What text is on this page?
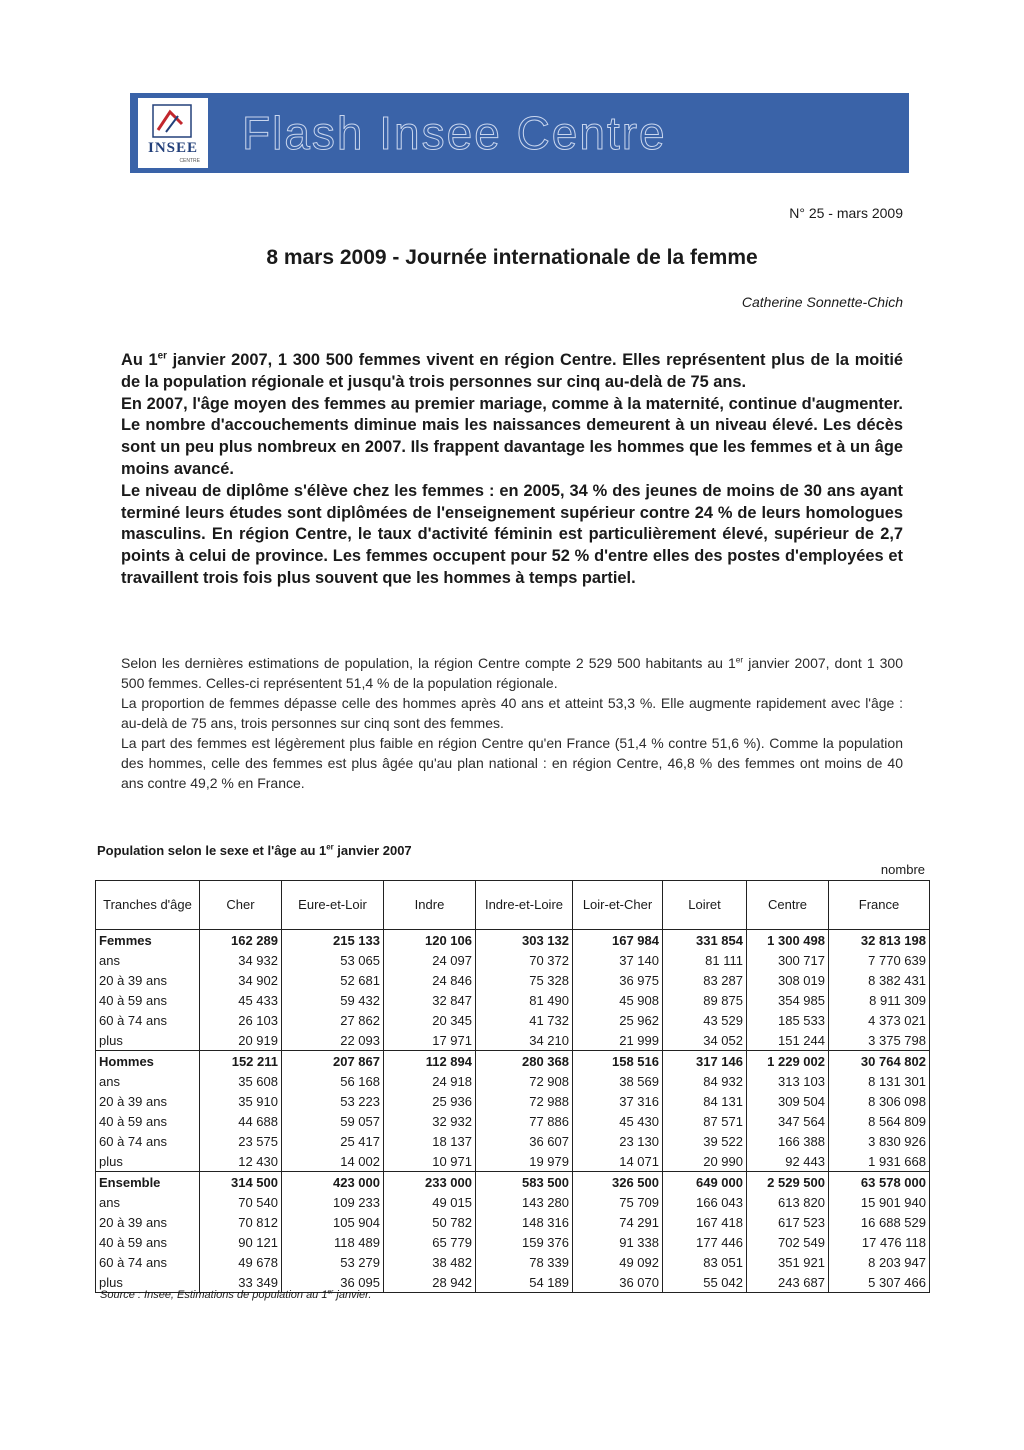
INSEE
CENTRE
Flash Insee Centre
N° 25 - mars 2009
8 mars 2009 - Journée internationale de la femme
Catherine Sonnette-Chich

Au 1er janvier 2007, 1 300 500 femmes vivent en région Centre. Elles représentent plus de la moitié de la population régionale et jusqu'à trois personnes sur cinq au-delà de 75 ans.

En 2007, l'âge moyen des femmes au premier mariage, comme à la maternité, continue d'augmenter. Le nombre d'accouchements diminue mais les naissances demeurent à un niveau élevé. Les décès sont un peu plus nombreux en 2007. Ils frappent davantage les hommes que les femmes et à un âge moins avancé.

Le niveau de diplôme s'élève chez les femmes : en 2005, 34 % des jeunes de moins de 30 ans ayant terminé leurs études sont diplômées de l'enseignement supérieur contre 24 % de leurs homologues masculins. En région Centre, le taux d'activité féminin est particulièrement élevé, supérieur de 2,7 points à celui de province. Les femmes occupent pour 52 % d'entre elles des postes d'employées et travaillent trois fois plus souvent que les hommes à temps partiel.

Selon les dernières estimations de population, la région Centre compte 2 529 500 habitants au 1er janvier 2007, dont 1 300 500 femmes. Celles-ci représentent 51,4 % de la population régionale.

La proportion de femmes dépasse celle des hommes après 40 ans et atteint 53,3 %. Elle augmente rapidement avec l'âge : au-delà de 75 ans, trois personnes sur cinq sont des femmes.

La part des femmes est légèrement plus faible en région Centre qu'en France (51,4 % contre 51,6 %). Comme la population des hommes, celle des femmes est plus âgée qu'au plan national : en région Centre, 46,8 % des femmes ont moins de 40 ans contre 49,2 % en France.

Population selon le sexe et l'âge au 1er janvier 2007
nombre
Tranches d'âge	Cher	Eure-et-Loir	Indre	Indre-et-Loire	Loir-et-Cher	Loiret	Centre	France
Femmes	162 289	215 133	120 106	303 132	167 984	331 854	1 300 498	32 813 198
ans	34 932	53 065	24 097	70 372	37 140	81 111	300 717	7 770 639
20 à 39 ans	34 902	52 681	24 846	75 328	36 975	83 287	308 019	8 382 431
40 à 59 ans	45 433	59 432	32 847	81 490	45 908	89 875	354 985	8 911 309
60 à 74 ans	26 103	27 862	20 345	41 732	25 962	43 529	185 533	4 373 021
plus	20 919	22 093	17 971	34 210	21 999	34 052	151 244	3 375 798
Hommes	152 211	207 867	112 894	280 368	158 516	317 146	1 229 002	30 764 802
ans	35 608	56 168	24 918	72 908	38 569	84 932	313 103	8 131 301
20 à 39 ans	35 910	53 223	25 936	72 988	37 316	84 131	309 504	8 306 098
40 à 59 ans	44 688	59 057	32 932	77 886	45 430	87 571	347 564	8 564 809
60 à 74 ans	23 575	25 417	18 137	36 607	23 130	39 522	166 388	3 830 926
plus	12 430	14 002	10 971	19 979	14 071	20 990	92 443	1 931 668
Ensemble	314 500	423 000	233 000	583 500	326 500	649 000	2 529 500	63 578 000
ans	70 540	109 233	49 015	143 280	75 709	166 043	613 820	15 901 940
20 à 39 ans	70 812	105 904	50 782	148 316	74 291	167 418	617 523	16 688 529
40 à 59 ans	90 121	118 489	65 779	159 376	91 338	177 446	702 549	17 476 118
60 à 74 ans	49 678	53 279	38 482	78 339	49 092	83 051	351 921	8 203 947
plus	33 349	36 095	28 942	54 189	36 070	55 042	243 687	5 307 466
Source : Insee, Estimations de population au 1er janvier.
